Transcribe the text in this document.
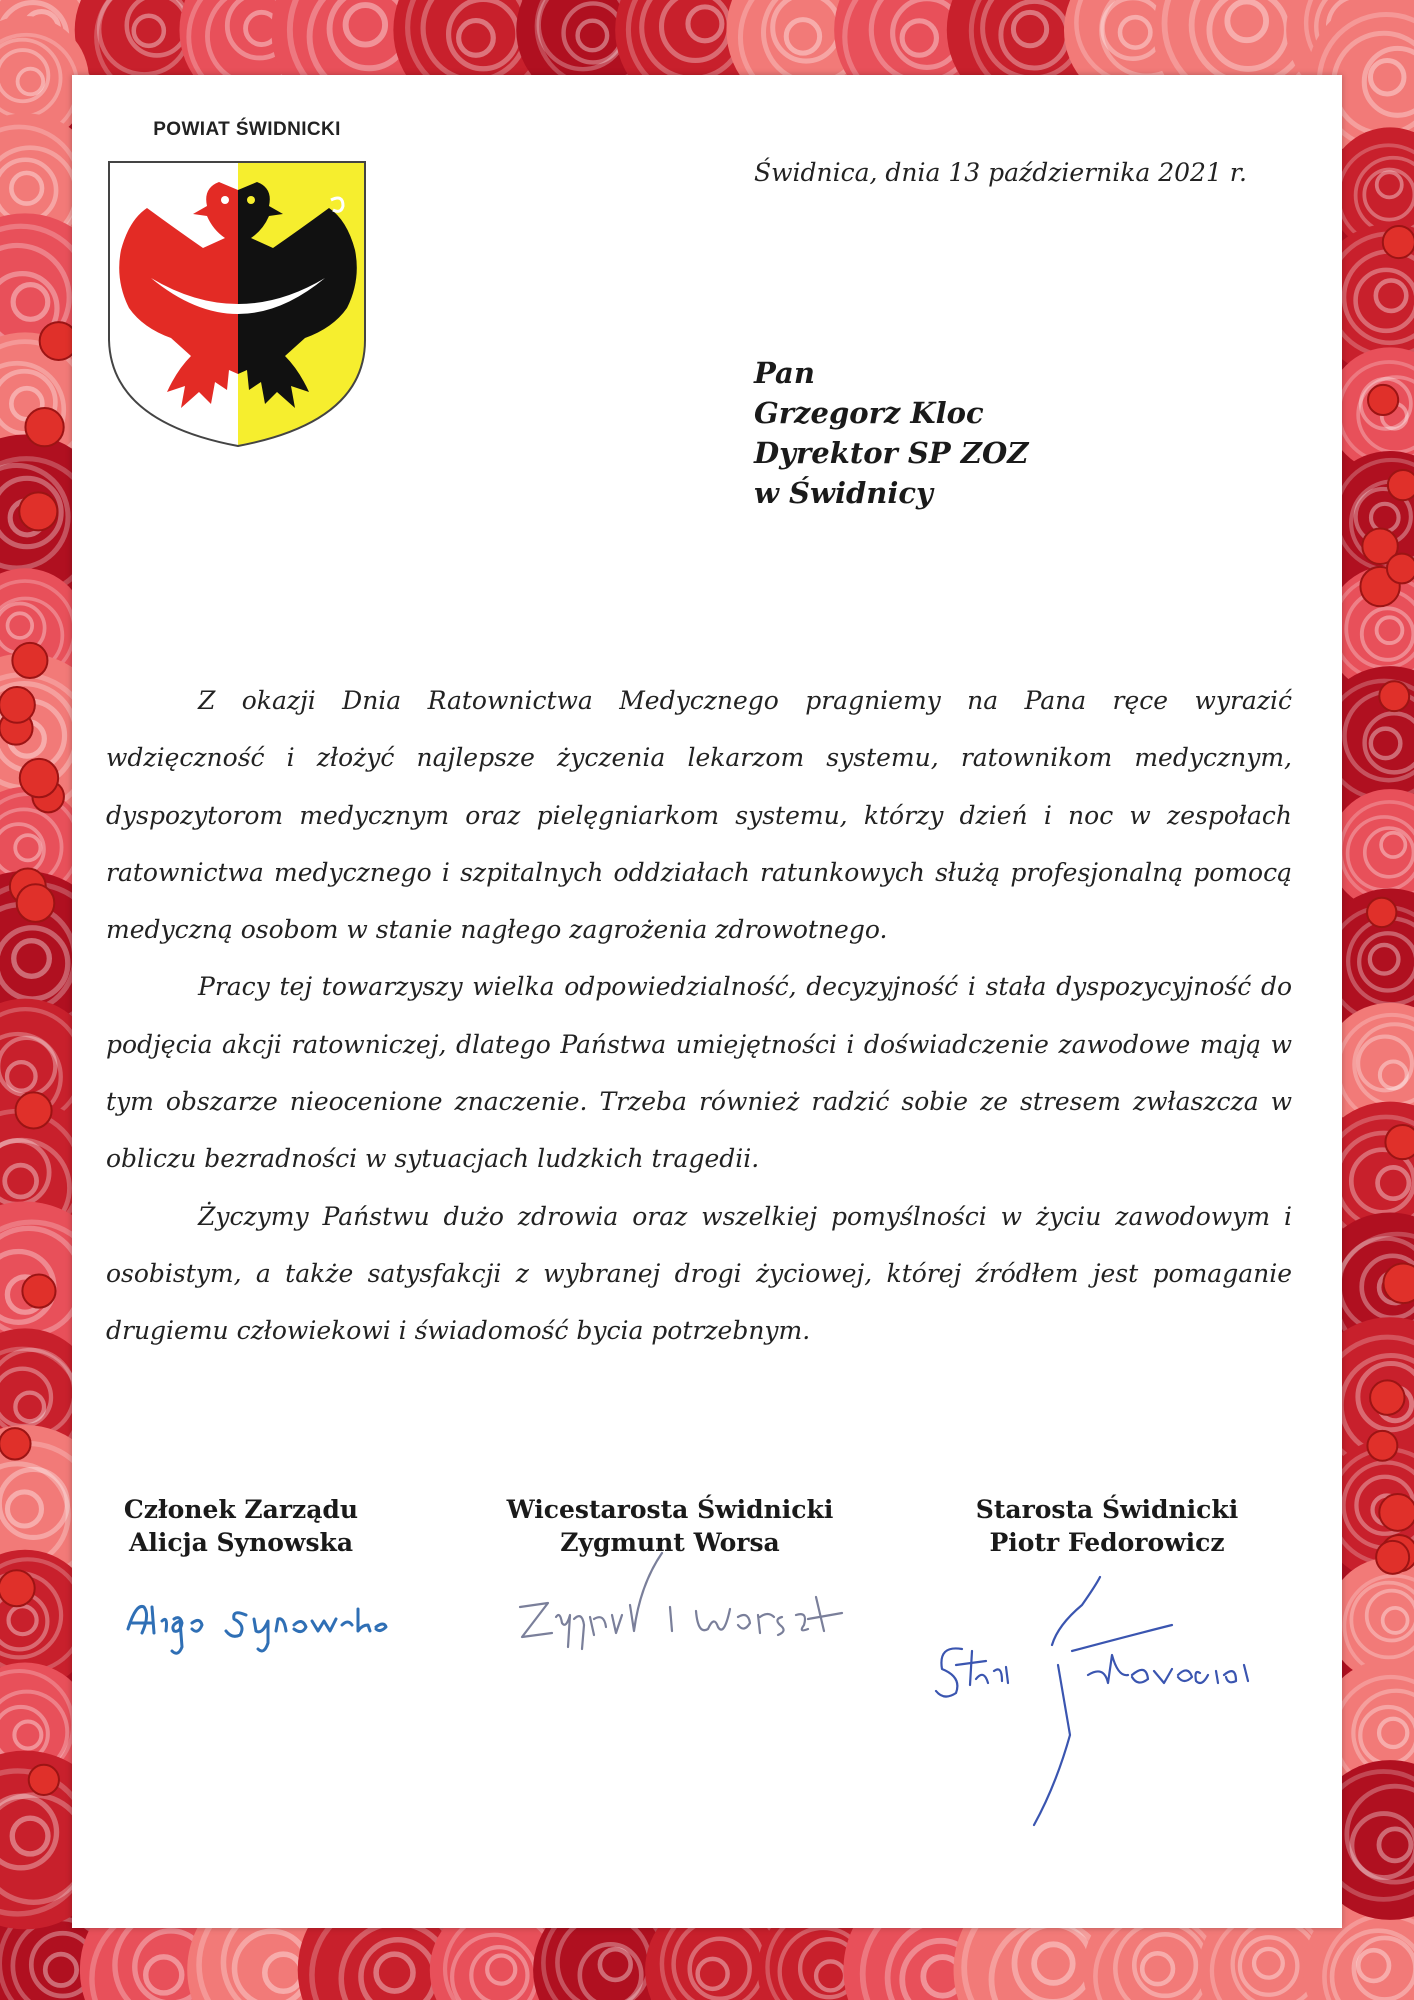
POWIAT ŚWIDNICKI
Świdnica, dnia 13 października 2021 r.
Pan
Grzegorz Kloc
Dyrektor SP ZOZ
w Świdnicy

Z okazji Dnia Ratownictwa Medycznego pragniemy na Pana ręce wyrazić wdzięczność i złożyć najlepsze życzenia lekarzom systemu, ratownikom medycznym, dyspozytorom medycznym oraz pielęgniarkom systemu, którzy dzień i noc w zespołach ratownictwa medycznego i szpitalnych oddziałach ratunkowych służą profesjonalną pomocą medyczną osobom w stanie nagłego zagrożenia zdrowotnego.

Pracy tej towarzyszy wielka odpowiedzialność, decyzyjność i stała dyspozycyjność do podjęcia akcji ratowniczej, dlatego Państwa umiejętności i doświadczenie zawodowe mają w tym obszarze nieocenione znaczenie. Trzeba również radzić sobie ze stresem zwłaszcza w obliczu bezradności w sytuacjach ludzkich tragedii.

Życzymy Państwu dużo zdrowia oraz wszelkiej pomyślności w życiu zawodowym i osobistym, a także satysfakcji z wybranej drogi życiowej, której źródłem jest pomaganie drugiemu człowiekowi i świadomość bycia potrzebnym.

Członek Zarządu
Alicja Synowska
Wicestarosta Świdnicki
Zygmunt Worsa
Starosta Świdnicki
Piotr Fedorowicz
